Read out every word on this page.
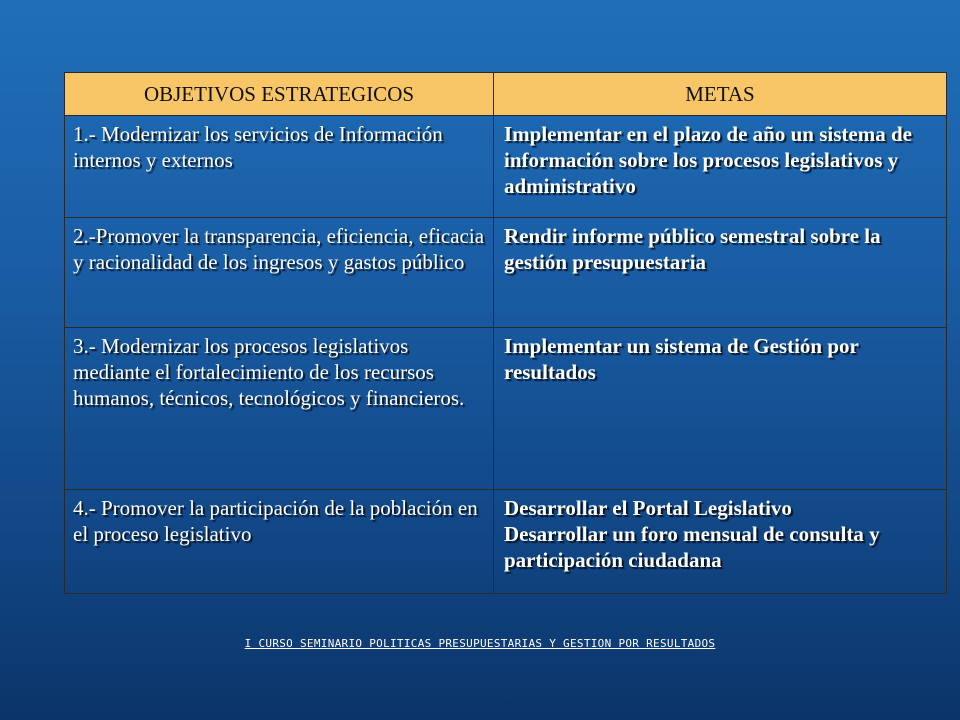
OBJETIVOS ESTRATEGICOS	METAS
1.- Modernizar los servicios de Información internos y externos	Implementar en el plazo de año un sistema de información sobre los procesos legislativos y administrativo

2.-Promover la transparencia, eficiencia, eficacia y racionalidad de los ingresos y gastos público	Rendir informe público semestral sobre la gestión presupuestaria

3.- Modernizar los procesos legislativos mediante el fortalecimiento de los recursos humanos, técnicos, tecnológicos y financieros.	Implementar un sistema de Gestión por resultados

4.- Promover la participación de la población en el proceso legislativo	Desarrollar el Portal Legislativo
Desarrollar un foro mensual de consulta y participación ciudadana
I CURSO SEMINARIO POLITICAS PRESUPUESTARIAS Y GESTION POR RESULTADOS
